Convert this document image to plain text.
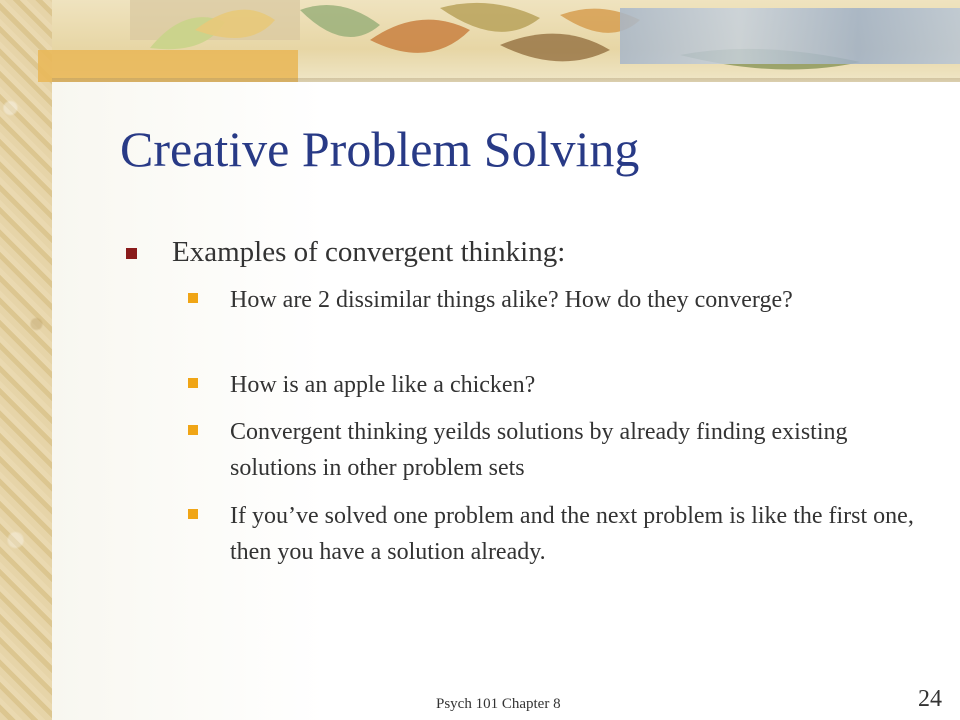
Creative Problem Solving
Examples of convergent thinking:
How are 2 dissimilar things alike? How do they converge?
How is an apple like a chicken?
Convergent thinking yeilds solutions by already finding existing solutions in other problem sets
If you’ve solved one problem and the next problem is like the first one, then you have a solution already.
Psych 101 Chapter 8	24
